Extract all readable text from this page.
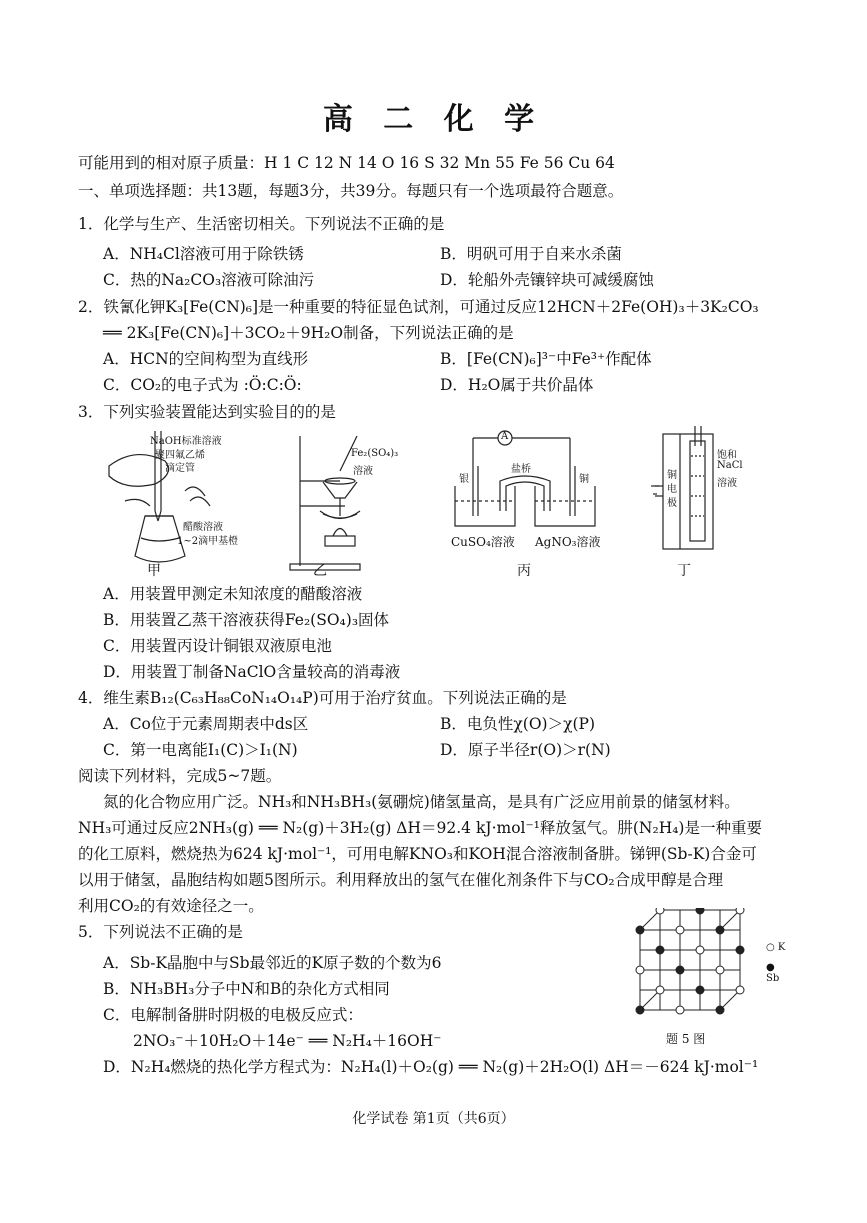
高 二 化 学
可能用到的相对原子质量：H 1 C 12 N 14 O 16 S 32 Mn 55 Fe 56 Cu 64
一、单项选择题：共13题，每题3分，共39分。每题只有一个选项最符合题意。
1．化学与生产、生活密切相关。下列说法不正确的是
A．NH₄Cl溶液可用于除铁锈	B．明矾可用于自来水杀菌
C．热的Na₂CO₃溶液可除油污	D．轮船外壳镶锌块可减缓腐蚀
2．铁氰化钾K₃[Fe(CN)₆]是一种重要的特征显色试剂，可通过反应12HCN＋2Fe(OH)₃＋3K₂CO₃
══ 2K₃[Fe(CN)₆]＋3CO₂＋9H₂O制备，下列说法正确的是
A．HCN的空间构型为直线形	B．[Fe(CN)₆]³⁻中Fe³⁺作配体
C．CO₂的电子式为 :Ö:C:Ö:	D．H₂O属于共价晶体
3．下列实验装置能达到实验目的的是
A．用装置甲测定未知浓度的醋酸溶液
B．用装置乙蒸干溶液获得Fe₂(SO₄)₃固体
C．用装置丙设计铜银双液原电池
D．用装置丁制备NaClO含量较高的消毒液
4．维生素B₁₂(C₆₃H₈₈CoN₁₄O₁₄P)可用于治疗贫血。下列说法正确的是
A．Co位于元素周期表中ds区	B．电负性χ(O)＞χ(P)
C．第一电离能I₁(C)＞I₁(N)	D．原子半径r(O)＞r(N)
阅读下列材料，完成5~7题。
氮的化合物应用广泛。NH₃和NH₃BH₃(氨硼烷)储氢量高，是具有广泛应用前景的储氢材料。
NH₃可通过反应2NH₃(g) ══ N₂(g)＋3H₂(g) ΔH＝92.4 kJ·mol⁻¹释放氢气。肼(N₂H₄)是一种重要
的化工原料，燃烧热为624 kJ·mol⁻¹，可用电解KNO₃和KOH混合溶液制备肼。锑钾(Sb-K)合金可
以用于储氢，晶胞结构如题5图所示。利用释放出的氢气在催化剂条件下与CO₂合成甲醇是合理
利用CO₂的有效途径之一。
5．下列说法不正确的是
A．Sb-K晶胞中与Sb最邻近的K原子数的个数为6
B．NH₃BH₃分子中N和B的杂化方式相同
C．电解制备肼时阴极的电极反应式：
2NO₃⁻＋10H₂O＋14e⁻ ══ N₂H₄＋16OH⁻
D．N₂H₄燃烧的热化学方程式为：N₂H₄(l)＋O₂(g) ══ N₂(g)＋2H₂O(l) ΔH＝－624 kJ·mol⁻¹
NaOH标准溶液
聚四氟乙烯
滴定管
醋酸溶液
1~2滴甲基橙
Fe₂(SO₄)₃
溶液
A
盐桥
银	铜
CuSO₄溶液 AgNO₃溶液
铜
电
极
饱和
NaCl
溶液
甲	乙	丙	丁
○ K
● Sb
题 5 图
化学试卷 第1页（共6页）
